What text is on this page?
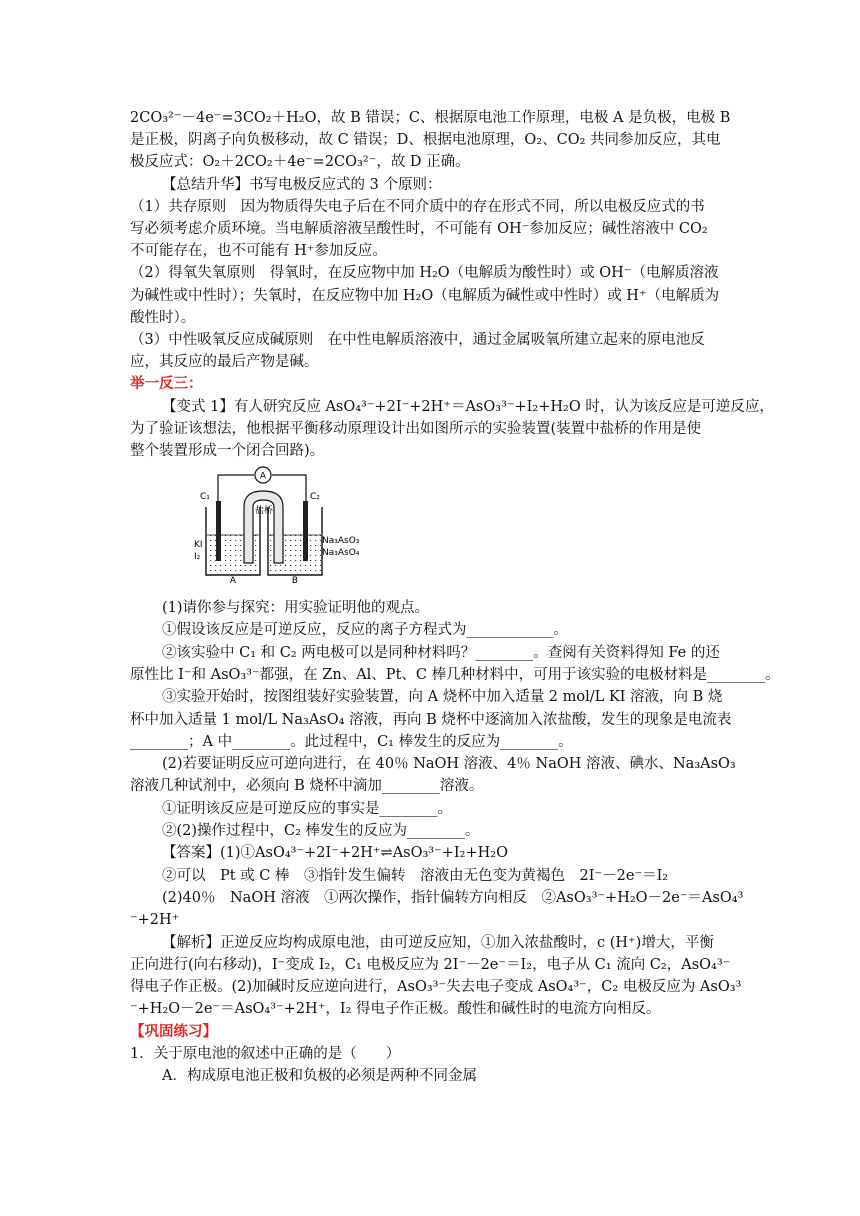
2CO₃²⁻－4e⁻=3CO₂＋H₂O，故 B 错误；C、根据原电池工作原理，电极 A 是负极，电极 B
是正极，阴离子向负极移动，故 C 错误；D、根据电池原理，O₂、CO₂ 共同参加反应，其电
极反应式：O₂＋2CO₂＋4e⁻=2CO₃²⁻，故 D 正确。
【总结升华】书写电极反应式的 3 个原则：
（1）共存原则　因为物质得失电子后在不同介质中的存在形式不同，所以电极反应式的书
写必须考虑介质环境。当电解质溶液呈酸性时，不可能有 OH⁻参加反应；碱性溶液中 CO₂
不可能存在，也不可能有 H⁺参加反应。
（2）得氧失氧原则　得氧时，在反应物中加 H₂O（电解质为酸性时）或 OH⁻（电解质溶液
为碱性或中性时）；失氧时，在反应物中加 H₂O（电解质为碱性或中性时）或 H⁺（电解质为
酸性时）。
（3）中性吸氧反应成碱原则　在中性电解质溶液中，通过金属吸氧所建立起来的原电池反
应，其反应的最后产物是碱。
举一反三：
【变式 1】有人研究反应 AsO₄³⁻+2I⁻+2H⁺＝AsO₃³⁻+I₂+H₂O 时，认为该反应是可逆反应，
为了验证该想法，他根据平衡移动原理设计出如图所示的实验装置(装置中盐桥的作用是使
整个装置形成一个闭合回路)。
A
盐桥
C₁	C₂
KI
I₂
Na₃AsO₃
Na₃AsO₄
A	B
(1)请你参与探究：用实验证明他的观点。
①假设该反应是可逆反应，反应的离子方程式为____________。
②该实验中 C₁ 和 C₂ 两电极可以是同种材料吗？________。查阅有关资料得知 Fe 的还
原性比 I⁻和 AsO₃³⁻都强，在 Zn、Al、Pt、C 棒几种材料中，可用于该实验的电极材料是________。
③实验开始时，按图组装好实验装置，向 A 烧杯中加入适量 2 mol/L KI 溶液，向 B 烧
杯中加入适量 1 mol/L Na₃AsO₄ 溶液，再向 B 烧杯中逐滴加入浓盐酸，发生的现象是电流表
________；A 中________。此过程中，C₁ 棒发生的反应为________。
(2)若要证明反应可逆向进行，在 40％ NaOH 溶液、4％ NaOH 溶液、碘水、Na₃AsO₃
溶液几种试剂中，必须向 B 烧杯中滴加________溶液。
①证明该反应是可逆反应的事实是________。
②(2)操作过程中，C₂ 棒发生的反应为________。
【答案】(1)①AsO₄³⁻+2I⁻+2H⁺⇌AsO₃³⁻+I₂+H₂O
②可以　Pt 或 C 棒　③指针发生偏转　溶液由无色变为黄褐色　2I⁻－2e⁻＝I₂
(2)40％　NaOH 溶液　①两次操作，指针偏转方向相反　②AsO₃³⁻+H₂O－2e⁻＝AsO₄³
⁻+2H⁺
【解析】正逆反应均构成原电池，由可逆反应知，①加入浓盐酸时，c (H⁺)增大，平衡
正向进行(向右移动)，I⁻变成 I₂，C₁ 电极反应为 2I⁻－2e⁻＝I₂，电子从 C₁ 流向 C₂，AsO₄³⁻
得电子作正极。(2)加碱时反应逆向进行，AsO₃³⁻失去电子变成 AsO₄³⁻，C₂ 电极反应为 AsO₃³
⁻+H₂O－2e⁻＝AsO₄³⁻+2H⁺，I₂ 得电子作正极。酸性和碱性时的电流方向相反。
【巩固练习】
1．关于原电池的叙述中正确的是（　　）
A．构成原电池正极和负极的必须是两种不同金属
